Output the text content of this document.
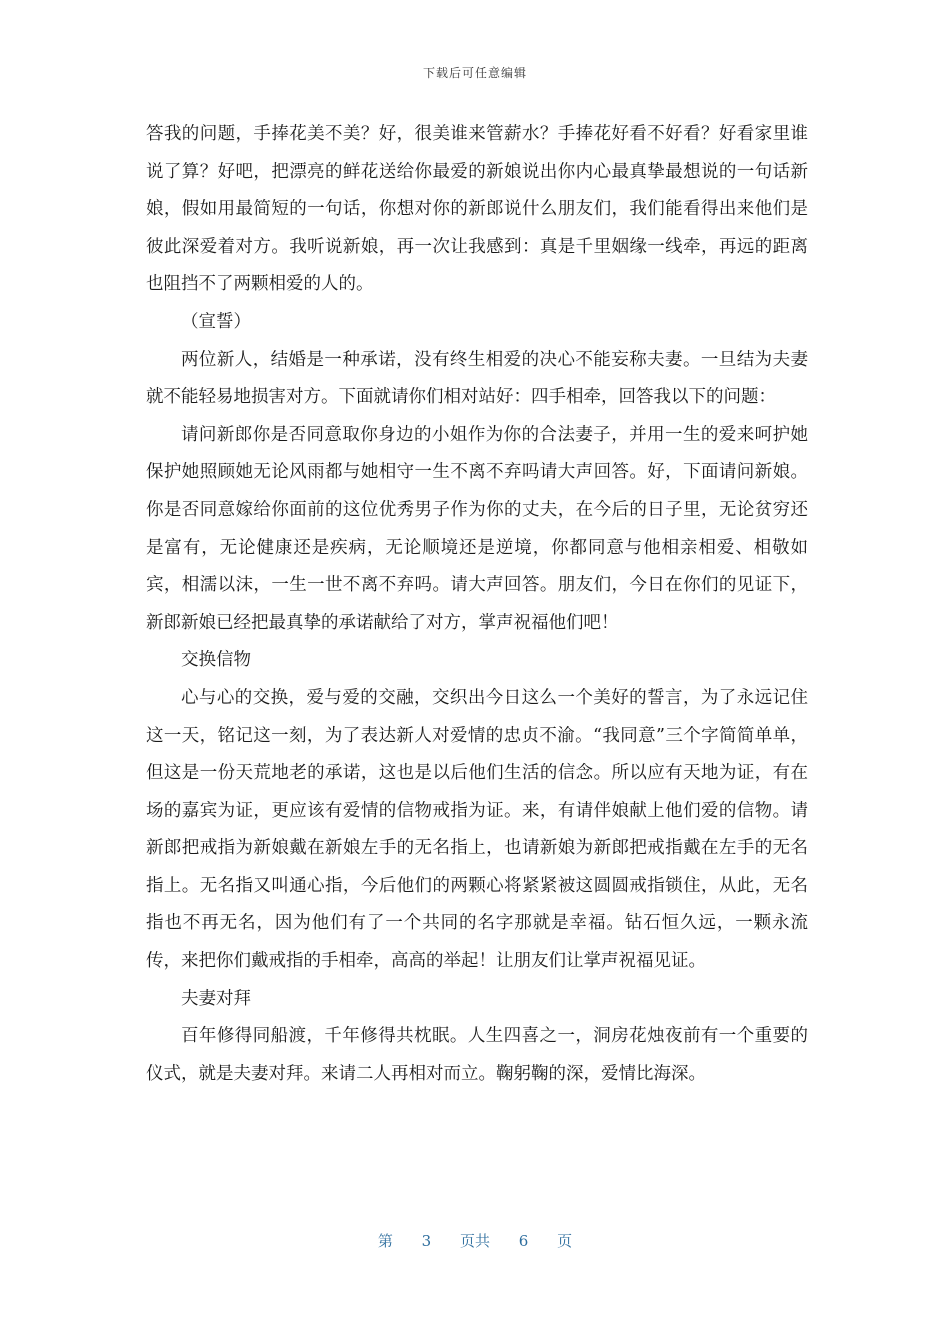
下载后可任意编辑

答我的问题，手捧花美不美？好，很美谁来管薪水？手捧花好看不好看？好看家里谁说了算？好吧，把漂亮的鲜花送给你最爱的新娘说出你内心最真挚最想说的一句话新娘，假如用最简短的一句话，你想对你的新郎说什么朋友们，我们能看得出来他们是彼此深爱着对方。我听说新娘，再一次让我感到：真是千里姻缘一线牵，再远的距离也阻挡不了两颗相爱的人的。

（宣誓）

两位新人，结婚是一种承诺，没有终生相爱的决心不能妄称夫妻。一旦结为夫妻就不能轻易地损害对方。下面就请你们相对站好：四手相牵，回答我以下的问题：

请问新郎你是否同意取你身边的小姐作为你的合法妻子，并用一生的爱来呵护她保护她照顾她无论风雨都与她相守一生不离不弃吗请大声回答。好，下面请问新娘。你是否同意嫁给你面前的这位优秀男子作为你的丈夫，在今后的日子里，无论贫穷还是富有，无论健康还是疾病，无论顺境还是逆境，你都同意与他相亲相爱、相敬如宾，相濡以沫，一生一世不离不弃吗。请大声回答。朋友们，今日在你们的见证下，新郎新娘已经把最真挚的承诺献给了对方，掌声祝福他们吧！

交换信物

心与心的交换，爱与爱的交融，交织出今日这么一个美好的誓言，为了永远记住这一天，铭记这一刻，为了表达新人对爱情的忠贞不渝。“我同意”三个字简简单单，但这是一份天荒地老的承诺，这也是以后他们生活的信念。所以应有天地为证，有在场的嘉宾为证，更应该有爱情的信物戒指为证。来，有请伴娘献上他们爱的信物。请新郎把戒指为新娘戴在新娘左手的无名指上，也请新娘为新郎把戒指戴在左手的无名指上。无名指又叫通心指，今后他们的两颗心将紧紧被这圆圆戒指锁住，从此，无名指也不再无名，因为他们有了一个共同的名字那就是幸福。钻石恒久远，一颗永流传，来把你们戴戒指的手相牵，高高的举起！让朋友们让掌声祝福见证。

夫妻对拜

百年修得同船渡，千年修得共枕眠。人生四喜之一，洞房花烛夜前有一个重要的仪式，就是夫妻对拜。来请二人再相对而立。鞠躬鞠的深，爱情比海深。

第 3 页共 6 页
